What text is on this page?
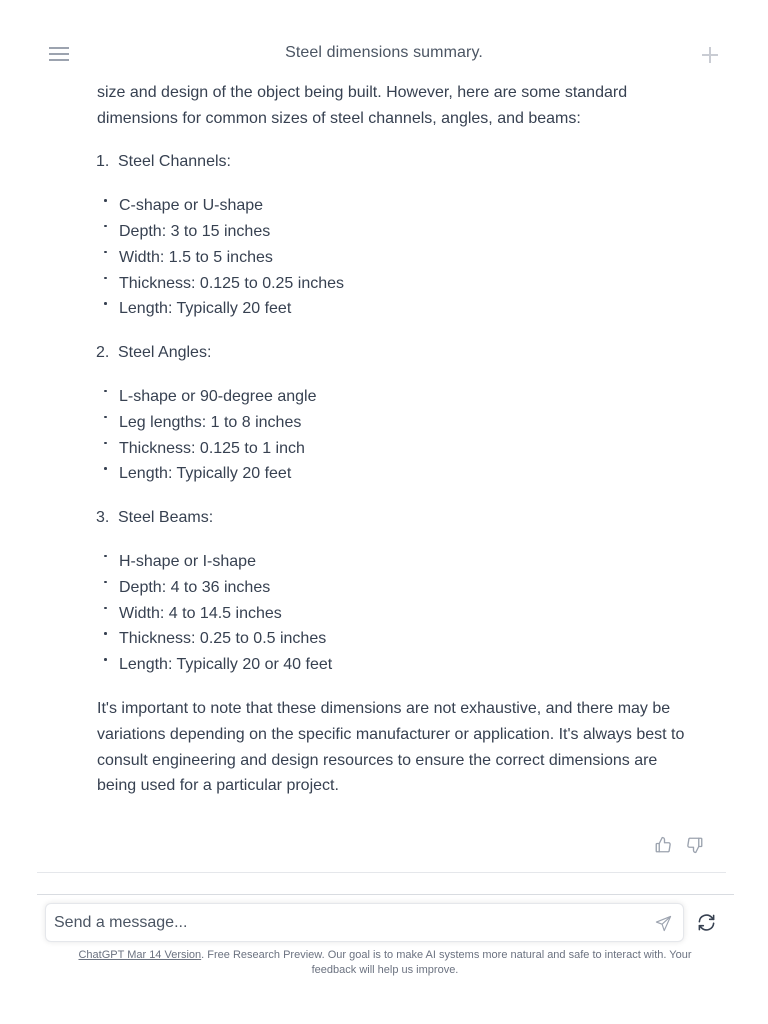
Steel dimensions summary.

size and design of the object being built. However, here are some standard dimensions for common sizes of steel channels, angles, and beams:

1. Steel Channels:
C-shape or U-shape
Depth: 3 to 15 inches
Width: 1.5 to 5 inches
Thickness: 0.125 to 0.25 inches
Length: Typically 20 feet
2. Steel Angles:
L-shape or 90-degree angle
Leg lengths: 1 to 8 inches
Thickness: 0.125 to 1 inch
Length: Typically 20 feet
3. Steel Beams:
H-shape or I-shape
Depth: 4 to 36 inches
Width: 4 to 14.5 inches
Thickness: 0.25 to 0.5 inches
Length: Typically 20 or 40 feet

It's important to note that these dimensions are not exhaustive, and there may be variations depending on the specific manufacturer or application. It's always best to consult engineering and design resources to ensure the correct dimensions are being used for a particular project.

Send a message...
ChatGPT Mar 14 Version. Free Research Preview. Our goal is to make AI systems more natural and safe to interact with. Your feedback will help us improve.
